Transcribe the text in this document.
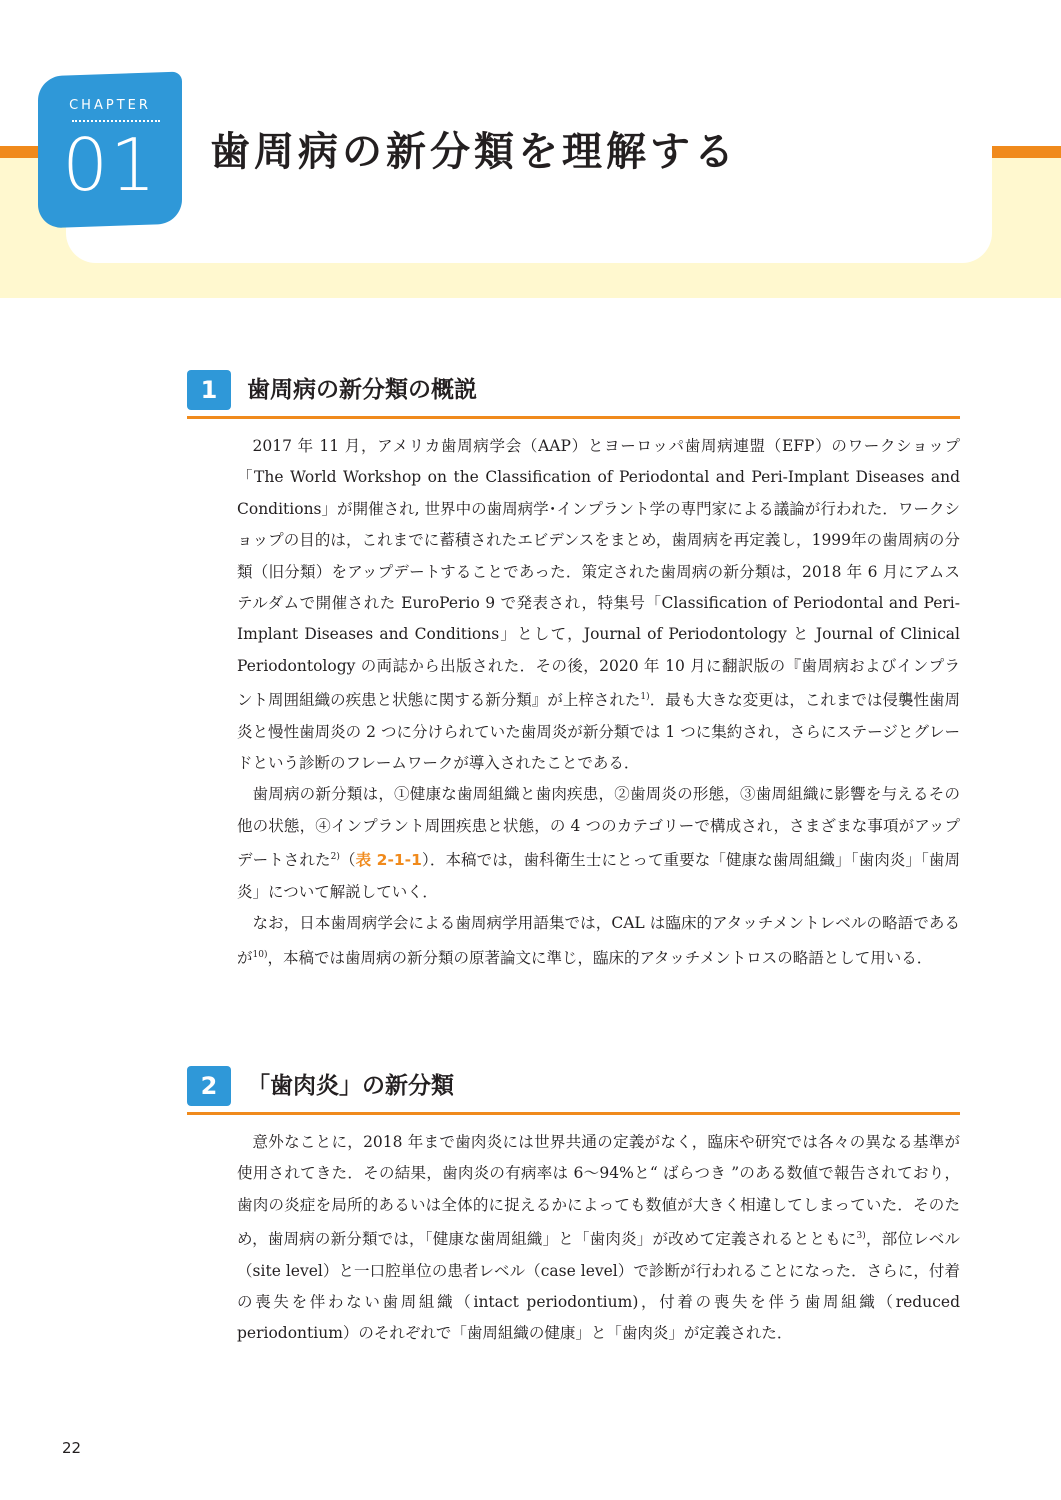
CHAPTER
01	歯周病の新分類を理解する
1	歯周病の新分類の概説

2017 年 11 月，アメリカ歯周病学会（AAP）とヨーロッパ歯周病連盟（EFP）のワークショップ「The World Workshop on the Classification of Periodontal and Peri-Implant Diseases and Conditions」が開催され, 世界中の歯周病学･インプラント学の専門家による議論が行われた．ワークショップの目的は，これまでに蓄積されたエビデンスをまとめ，歯周病を再定義し，1999年の歯周病の分類（旧分類）をアップデートすることであった．策定された歯周病の新分類は，2018 年 6 月にアムステルダムで開催された EuroPerio 9 で発表され，特集号「Classification of Periodontal and Peri-Implant Diseases and Conditions」として，Journal of Periodontology と Journal of Clinical Periodontology の両誌から出版された．その後，2020 年 10 月に翻訳版の『歯周病およびインプラント周囲組織の疾患と状態に関する新分類』が上梓された$^{1)}$．最も大きな変更は，これまでは侵襲性歯周炎と慢性歯周炎の 2 つに分けられていた歯周炎が新分類では 1 つに集約され，さらにステージとグレードという診断のフレームワークが導入されたことである．

歯周病の新分類は，①健康な歯周組織と歯肉疾患，②歯周炎の形態，③歯周組織に影響を与えるその他の状態，④インプラント周囲疾患と状態，の 4 つのカテゴリーで構成され，さまざまな事項がアップデートされた$^{2)}$（表 2-1-1）．本稿では，歯科衛生士にとって重要な「健康な歯周組織」「歯肉炎」「歯周炎」について解説していく．

なお，日本歯周病学会による歯周病学用語集では，CAL は臨床的アタッチメントレベルの略語であるが$^{10)}$，本稿では歯周病の新分類の原著論文に準じ，臨床的アタッチメントロスの略語として用いる．

2	「歯肉炎」の新分類

意外なことに，2018 年まで歯肉炎には世界共通の定義がなく，臨床や研究では各々の異なる基準が使用されてきた．その結果，歯肉炎の有病率は 6～94%と“ ばらつき ”のある数値で報告されており，歯肉の炎症を局所的あるいは全体的に捉えるかによっても数値が大きく相違してしまっていた．そのため，歯周病の新分類では，「健康な歯周組織」と「歯肉炎」が改めて定義されるとともに$^{3)}$，部位レベル（site level）と一口腔単位の患者レベル（case level）で診断が行われることになった．さらに，付着の喪失を伴わない歯周組織（intact periodontium)，付着の喪失を伴う歯周組織（reduced periodontium）のそれぞれで「歯周組織の健康」と「歯肉炎」が定義された．

22
